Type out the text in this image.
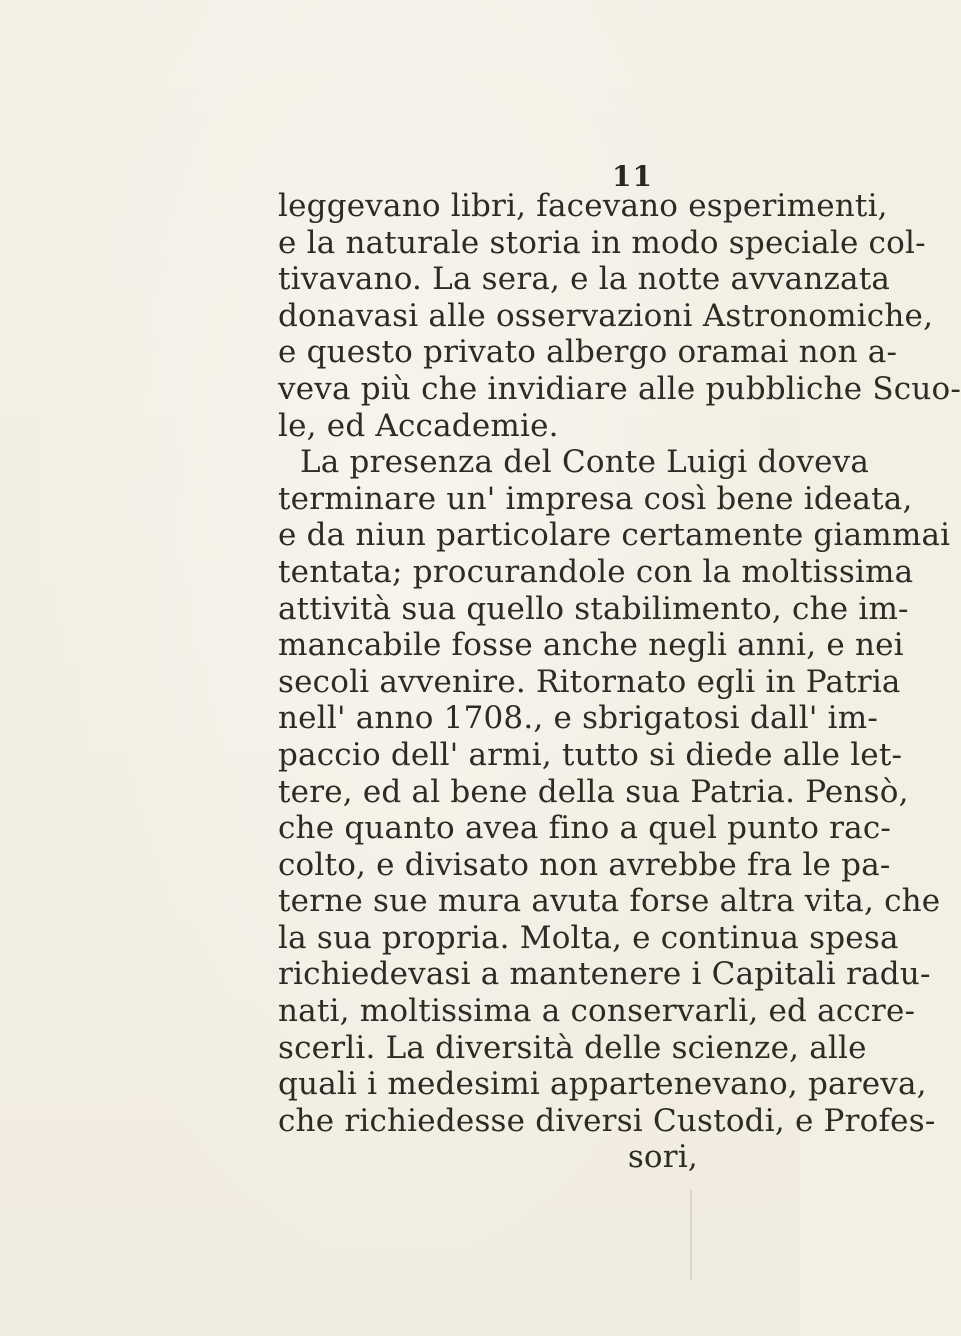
11
leggevano libri, facevano esperimenti,
e la naturale storia in modo speciale col-
tivavano. La sera, e la notte avvanzata
donavasi alle osservazioni Astronomiche,
e questo privato albergo oramai non a-
veva più che invidiare alle pubbliche Scuo-
le, ed Accademie.
La presenza del Conte Luigi doveva
terminare un' impresa così bene ideata,
e da niun particolare certamente giammai
tentata; procurandole con la moltissima
attività sua quello stabilimento, che im-
mancabile fosse anche negli anni, e nei
secoli avvenire. Ritornato egli in Patria
nell' anno 1708., e sbrigatosi dall' im-
paccio dell' armi, tutto si diede alle let-
tere, ed al bene della sua Patria. Pensò,
che quanto avea fino a quel punto rac-
colto, e divisato non avrebbe fra le pa-
terne sue mura avuta forse altra vita, che
la sua propria. Molta, e continua spesa
richiedevasi a mantenere i Capitali radu-
nati, moltissima a conservarli, ed accre-
scerli. La diversità delle scienze, alle
quali i medesimi appartenevano, pareva,
che richiedesse diversi Custodi, e Profes-
sori,
